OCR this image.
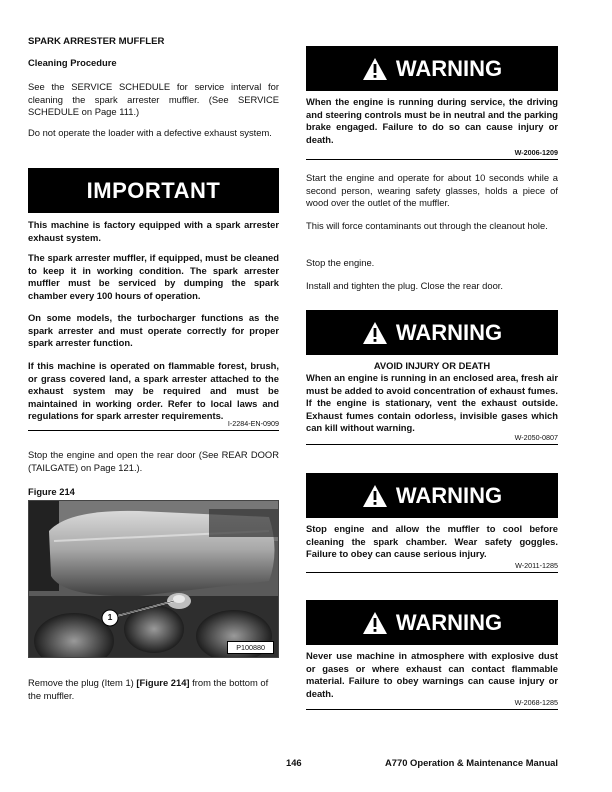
SPARK ARRESTER MUFFLER
Cleaning Procedure

See the SERVICE SCHEDULE for service interval for cleaning the spark arrester muffler. (See SERVICE SCHEDULE on Page 111.)

Do not operate the loader with a defective exhaust system.

IMPORTANT

This machine is factory equipped with a spark arrester exhaust system.

The spark arrester muffler, if equipped, must be cleaned to keep it in working condition. The spark arrester muffler must be serviced by dumping the spark chamber every 100 hours of operation.

On some models, the turbocharger functions as the spark arrester and must operate correctly for proper spark arrester function.

If this machine is operated on flammable forest, brush, or grass covered land, a spark arrester attached to the exhaust system may be required and must be maintained in working order. Refer to local laws and regulations for spark arrester requirements.

I-2284-EN-0909

Stop the engine and open the rear door (See REAR DOOR (TAILGATE) on Page 121.).

Figure 214
1
P100880

Remove the plug (Item 1) [Figure 214] from the bottom of the muffler.

WARNING

When the engine is running during service, the driving and steering controls must be in neutral and the parking brake engaged. Failure to do so can cause injury or death.

W-2006-1209

Start the engine and operate for about 10 seconds while a second person, wearing safety glasses, holds a piece of wood over the outlet of the muffler.

This will force contaminants out through the cleanout hole.

Stop the engine.

Install and tighten the plug. Close the rear door.

WARNING
AVOID INJURY OR DEATH

When an engine is running in an enclosed area, fresh air must be added to avoid concentration of exhaust fumes. If the engine is stationary, vent the exhaust outside. Exhaust fumes contain odorless, invisible gases which can kill without warning.

W-2050-0807
WARNING

Stop engine and allow the muffler to cool before cleaning the spark chamber. Wear safety goggles. Failure to obey can cause serious injury.

W-2011-1285
WARNING

Never use machine in atmosphere with explosive dust or gases or where exhaust can contact flammable material. Failure to obey warnings can cause injury or death.

W-2068-1285
146	A770 Operation & Maintenance Manual
